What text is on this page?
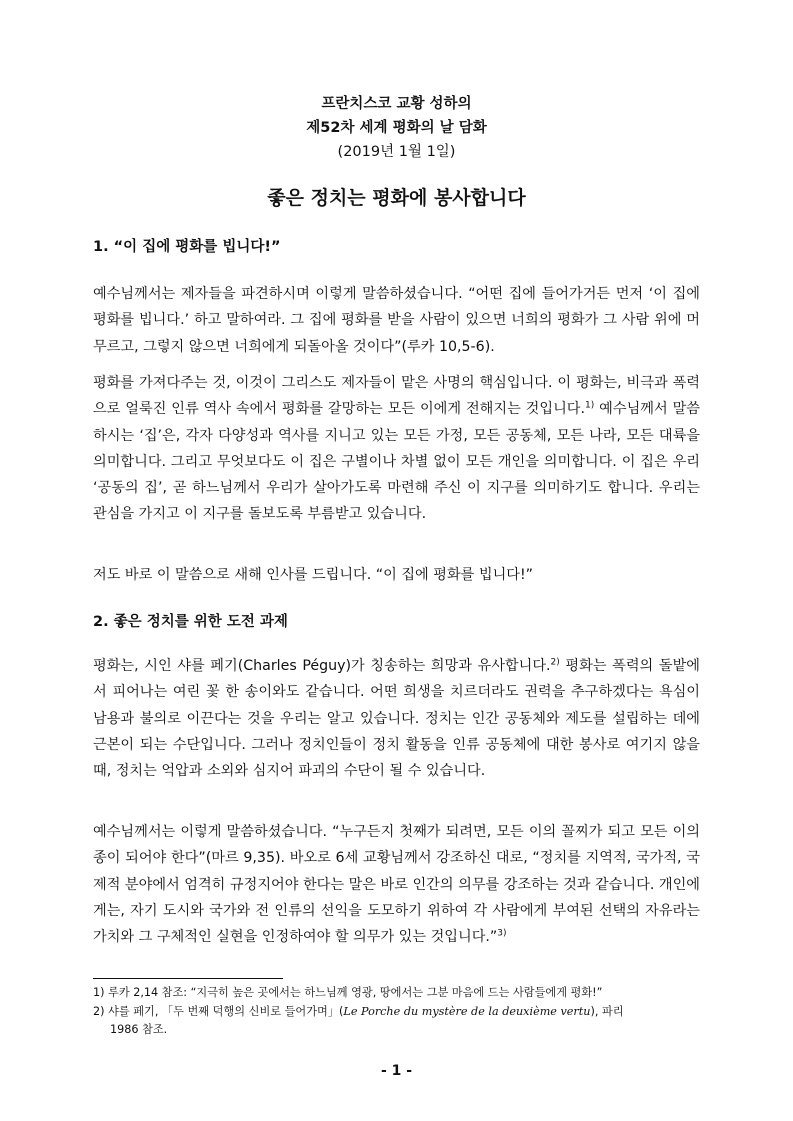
프란치스코 교황 성하의
제52차 세계 평화의 날 담화
(2019년 1월 1일)
좋은 정치는 평화에 봉사합니다
1. “이 집에 평화를 빕니다!”

예수님께서는 제자들을 파견하시며 이렇게 말씀하셨습니다. “어떤 집에 들어가거든 먼저 ‘이 집에 평화를 빕니다.’ 하고 말하여라. 그 집에 평화를 받을 사람이 있으면 너희의 평화가 그 사람 위에 머무르고, 그렇지 않으면 너희에게 되돌아올 것이다”(루카 10,5-6).

평화를 가져다주는 것, 이것이 그리스도 제자들이 맡은 사명의 핵심입니다. 이 평화는, 비극과 폭력으로 얼룩진 인류 역사 속에서 평화를 갈망하는 모든 이에게 전해지는 것입니다.$^{1)}$ 예수님께서 말씀하시는 ‘집’은, 각자 다양성과 역사를 지니고 있는 모든 가정, 모든 공동체, 모든 나라, 모든 대륙을 의미합니다. 그리고 무엇보다도 이 집은 구별이나 차별 없이 모든 개인을 의미합니다. 이 집은 우리 ‘공동의 집’, 곧 하느님께서 우리가 살아가도록 마련해 주신 이 지구를 의미하기도 합니다. 우리는 관심을 가지고 이 지구를 돌보도록 부름받고 있습니다.

저도 바로 이 말씀으로 새해 인사를 드립니다. “이 집에 평화를 빕니다!”

2. 좋은 정치를 위한 도전 과제

평화는, 시인 샤를 페기(Charles Péguy)가 칭송하는 희망과 유사합니다.$^{2)}$ 평화는 폭력의 돌밭에서 피어나는 여린 꽃 한 송이와도 같습니다. 어떤 희생을 치르더라도 권력을 추구하겠다는 욕심이 남용과 불의로 이끈다는 것을 우리는 알고 있습니다. 정치는 인간 공동체와 제도를 설립하는 데에 근본이 되는 수단입니다. 그러나 정치인들이 정치 활동을 인류 공동체에 대한 봉사로 여기지 않을 때, 정치는 억압과 소외와 심지어 파괴의 수단이 될 수 있습니다.

예수님께서는 이렇게 말씀하셨습니다. “누구든지 첫째가 되려면, 모든 이의 꼴찌가 되고 모든 이의 종이 되어야 한다”(마르 9,35). 바오로 6세 교황님께서 강조하신 대로, “정치를 지역적, 국가적, 국제적 분야에서 엄격히 규정지어야 한다는 말은 바로 인간의 의무를 강조하는 것과 같습니다. 개인에게는, 자기 도시와 국가와 전 인류의 선익을 도모하기 위하여 각 사람에게 부여된 선택의 자유라는 가치와 그 구체적인 실현을 인정하여야 할 의무가 있는 것입니다.”$^{3)}$

1) 루카 2,14 참조: “지극히 높은 곳에서는 하느님께 영광, 땅에서는 그분 마음에 드는 사람들에게 평화!”
2) 샤를 페기, 「두 번째 덕행의 신비로 들어가며」(Le Porche du mystère de la deuxième vertu), 파리
1986 참조.
- 1 -
